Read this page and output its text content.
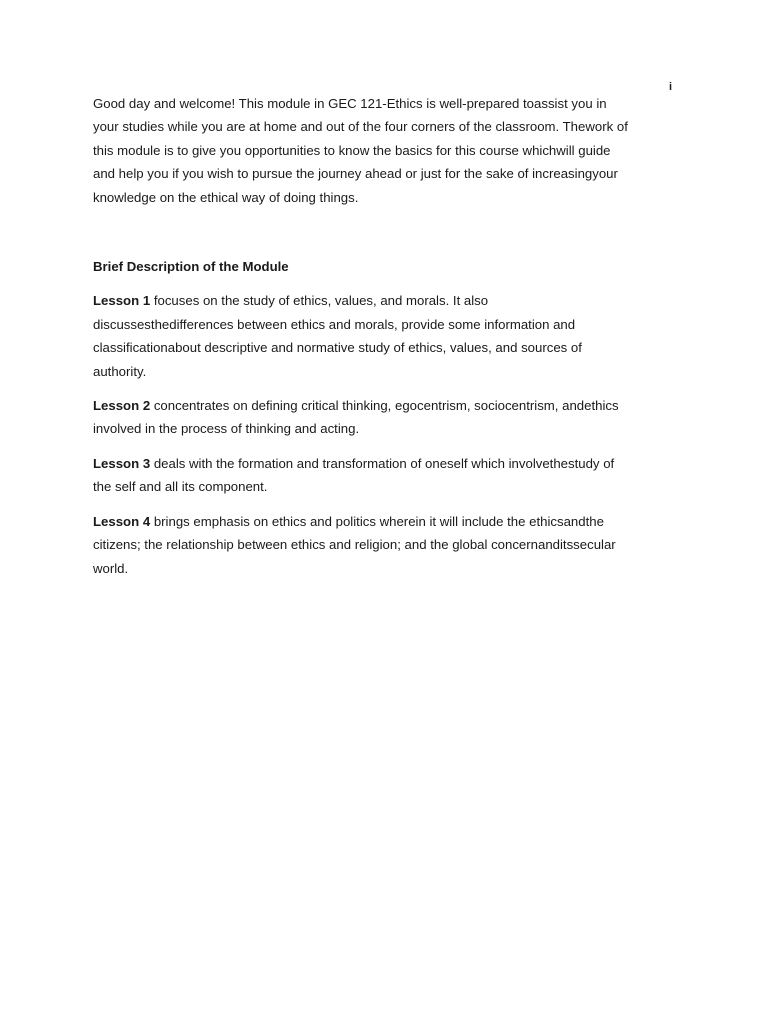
i

Good day and welcome! This module in GEC 121-Ethics is well-prepared toassist you in
your studies while you are at home and out of the four corners of the classroom. Thework of
this module is to give you opportunities to know the basics for this course whichwill guide
and help you if you wish to pursue the journey ahead or just for the sake of increasingyour
knowledge on the ethical way of doing things.

Brief Description of the Module

Lesson 1 focuses on the study of ethics, values, and morals. It also
discussesthedifferences between ethics and morals, provide some information and
classificationabout descriptive and normative study of ethics, values, and sources of
authority.

Lesson 2 concentrates on defining critical thinking, egocentrism, sociocentrism, andethics
involved in the process of thinking and acting.

Lesson 3 deals with the formation and transformation of oneself which involvethestudy of
the self and all its component.

Lesson 4 brings emphasis on ethics and politics wherein it will include the ethicsandthe
citizens; the relationship between ethics and religion; and the global concernanditssecular
world.
